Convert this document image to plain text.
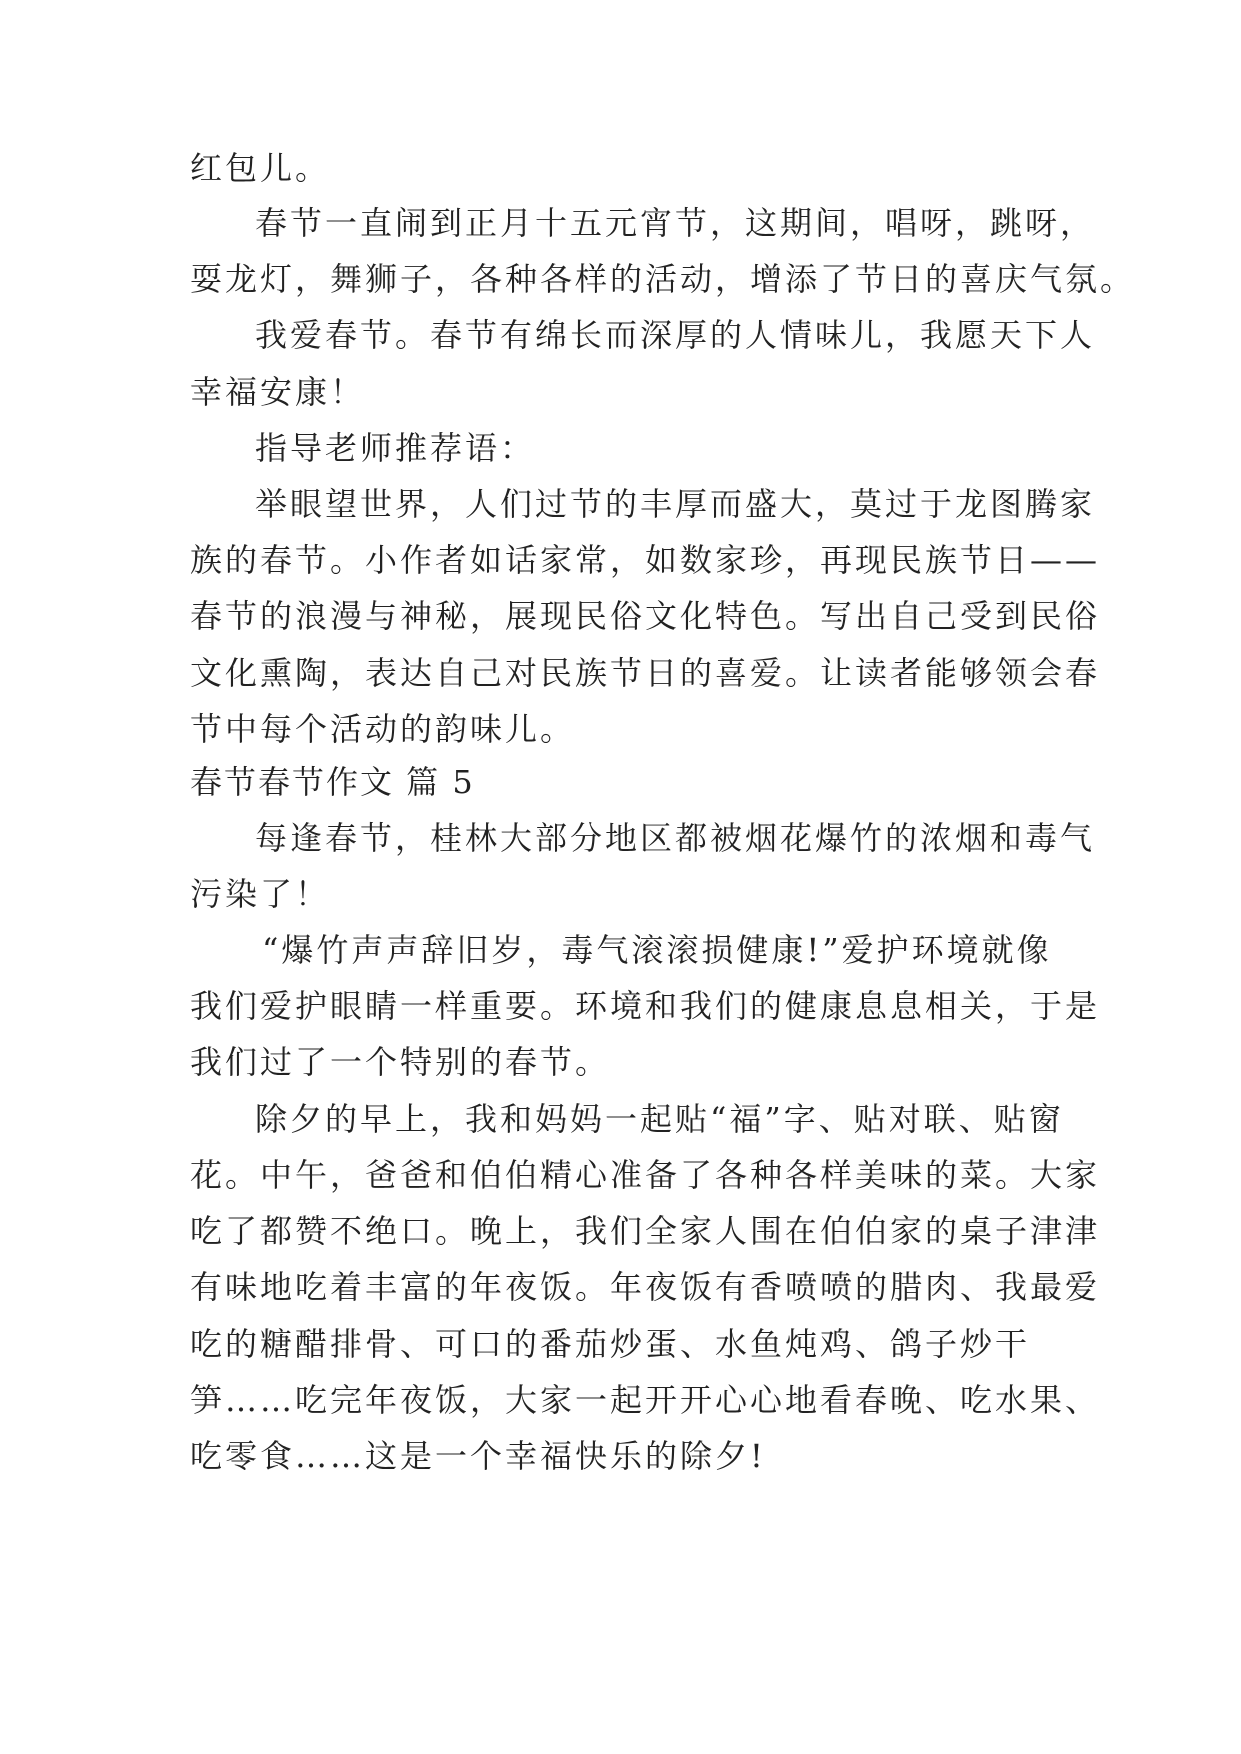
红包儿。
春节一直闹到正月十五元宵节，这期间，唱呀，跳呀，
耍龙灯，舞狮子，各种各样的活动，增添了节日的喜庆气氛。
我爱春节。春节有绵长而深厚的人情味儿，我愿天下人
幸福安康！
指导老师推荐语：
举眼望世界，人们过节的丰厚而盛大，莫过于龙图腾家
族的春节。小作者如话家常，如数家珍，再现民族节日——
春节的浪漫与神秘，展现民俗文化特色。写出自己受到民俗
文化熏陶，表达自己对民族节日的喜爱。让读者能够领会春
节中每个活动的韵味儿。
春节春节作文 篇 5
每逢春节，桂林大部分地区都被烟花爆竹的浓烟和毒气
污染了！
“爆竹声声辞旧岁，毒气滚滚损健康!”爱护环境就像
我们爱护眼睛一样重要。环境和我们的健康息息相关，于是
我们过了一个特别的春节。
除夕的早上，我和妈妈一起贴“福”字、贴对联、贴窗
花。中午，爸爸和伯伯精心准备了各种各样美味的菜。大家
吃了都赞不绝口。晚上，我们全家人围在伯伯家的桌子津津
有味地吃着丰富的年夜饭。年夜饭有香喷喷的腊肉、我最爱
吃的糖醋排骨、可口的番茄炒蛋、水鱼炖鸡、鸽子炒干
笋……吃完年夜饭，大家一起开开心心地看春晚、吃水果、
吃零食……这是一个幸福快乐的除夕!
